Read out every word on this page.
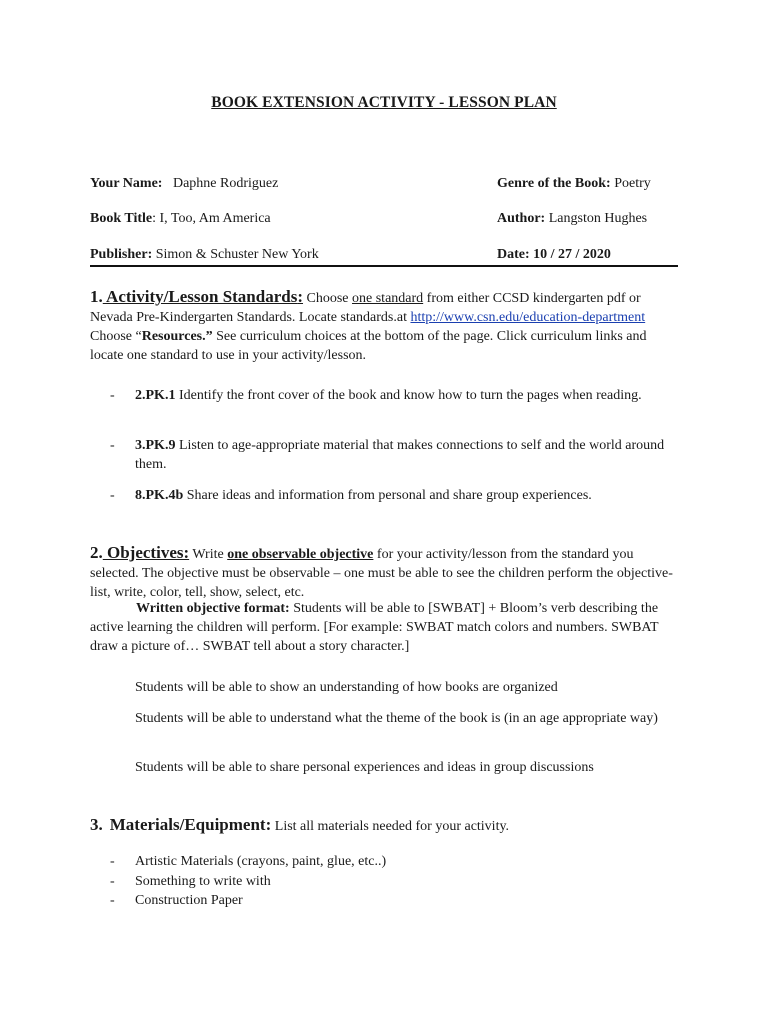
BOOK EXTENSION ACTIVITY - LESSON PLAN
Your Name: Daphne Rodriguez	Genre of the Book: Poetry
Book Title: I, Too, Am America	Author: Langston Hughes
Publisher: Simon & Schuster New York	Date: 10 / 27 / 2020
1. Activity/Lesson Standards: Choose one standard from either CCSD kindergarten pdf or Nevada Pre-Kindergarten Standards. Locate standards.at http://www.csn.edu/education-department Choose “Resources.” See curriculum choices at the bottom of the page. Click curriculum links and locate one standard to use in your activity/lesson.
- 2.PK.1 Identify the front cover of the book and know how to turn the pages when reading.
- 3.PK.9 Listen to age-appropriate material that makes connections to self and the world around them.
- 8.PK.4b Share ideas and information from personal and share group experiences.
2. Objectives: Write one observable objective for your activity/lesson from the standard you selected. The objective must be observable – one must be able to see the children perform the objective- list, write, color, tell, show, select, etc.
Written objective format: Students will be able to [SWBAT] + Bloom’s verb describing the active learning the children will perform. [For example: SWBAT match colors and numbers. SWBAT draw a picture of… SWBAT tell about a story character.]
Students will be able to show an understanding of how books are organized
Students will be able to understand what the theme of the book is (in an age appropriate way)
Students will be able to share personal experiences and ideas in group discussions
3. Materials/Equipment: List all materials needed for your activity.
- Artistic Materials (crayons, paint, glue, etc..)
- Something to write with
- Construction Paper
